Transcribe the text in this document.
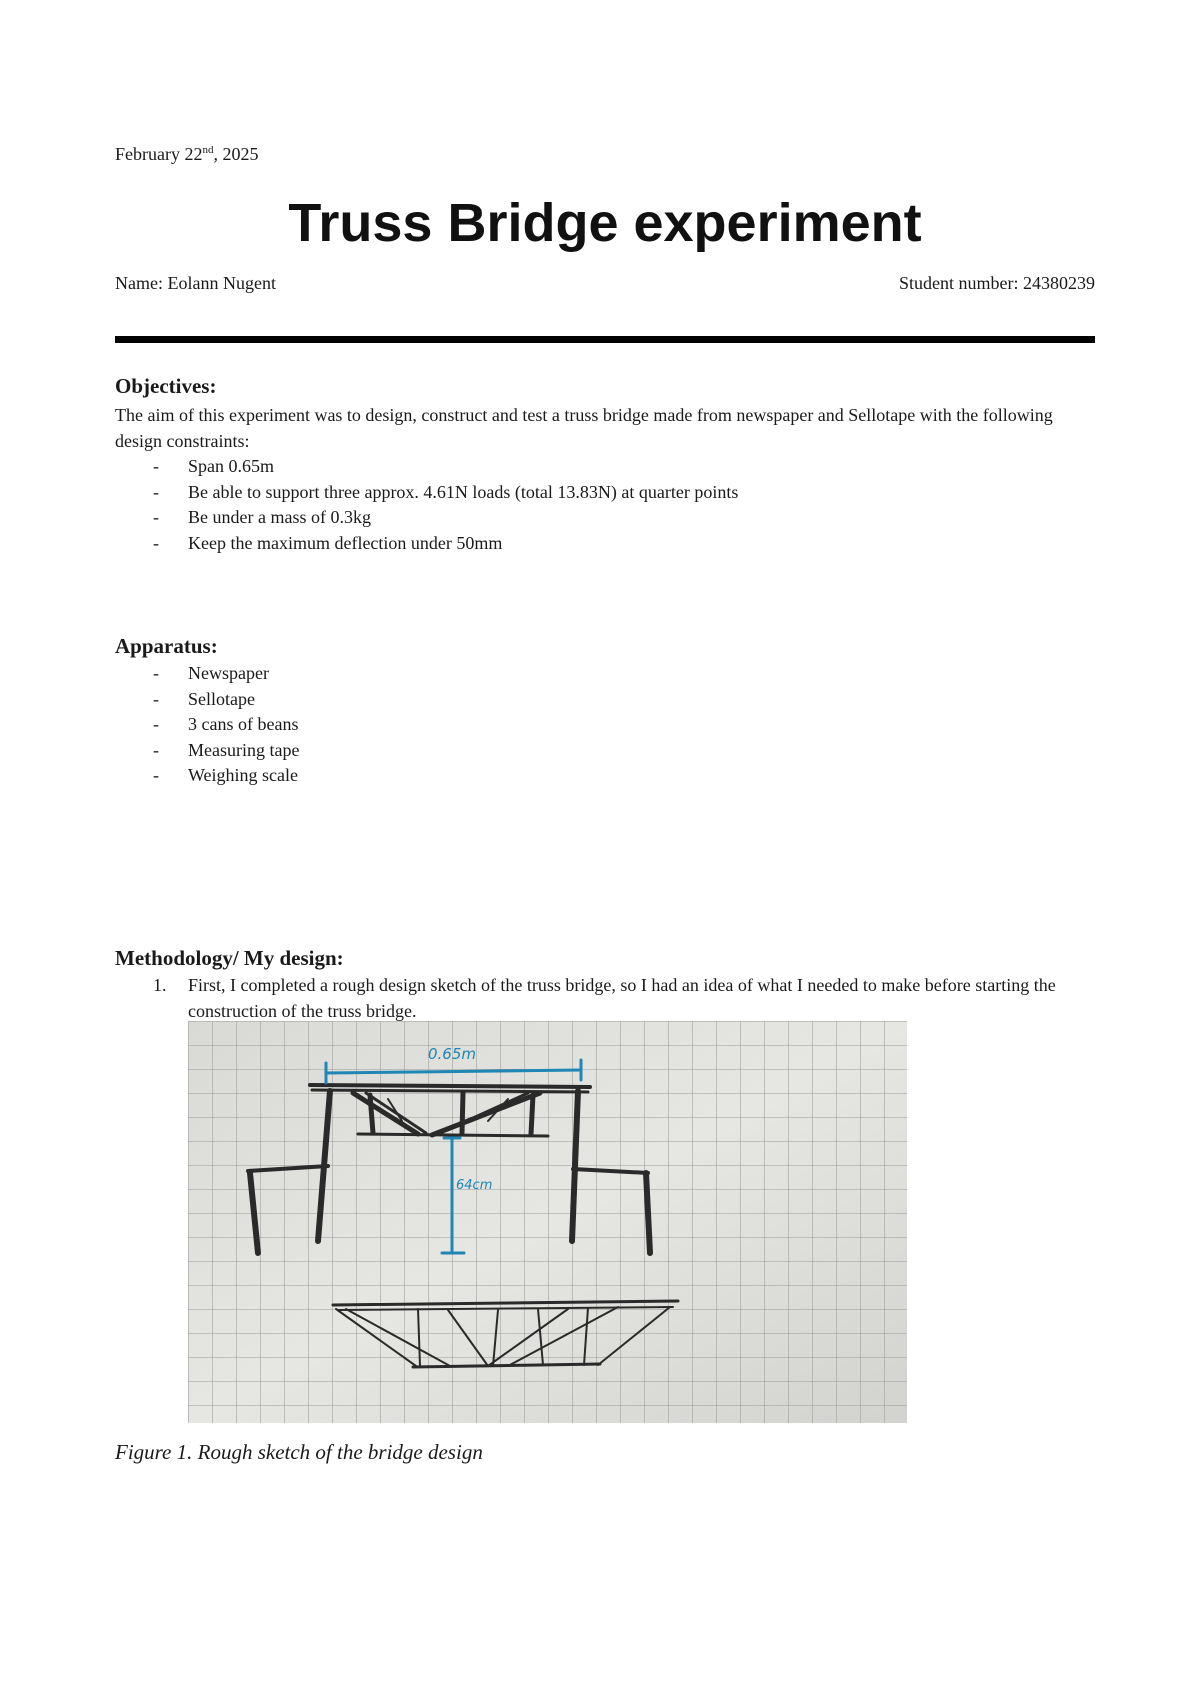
February 22nd, 2025
Truss Bridge experiment
Name: Eolann Nugent	Student number: 24380239
Objectives:

The aim of this experiment was to design, construct and test a truss bridge made from newspaper and Sellotape with the following design constraints:

- Span 0.65m
- Be able to support three approx. 4.61N loads (total 13.83N) at quarter points
- Be under a mass of 0.3kg
- Keep the maximum deflection under 50mm
Apparatus:
- Newspaper
- Sellotape
- 3 cans of beans
- Measuring tape
- Weighing scale
Methodology/ My design:
1. First, I completed a rough design sketch of the truss bridge, so I had an idea of what I needed to make before starting the construction of the truss bridge.
0.65m
64cm
Figure 1. Rough sketch of the bridge design
